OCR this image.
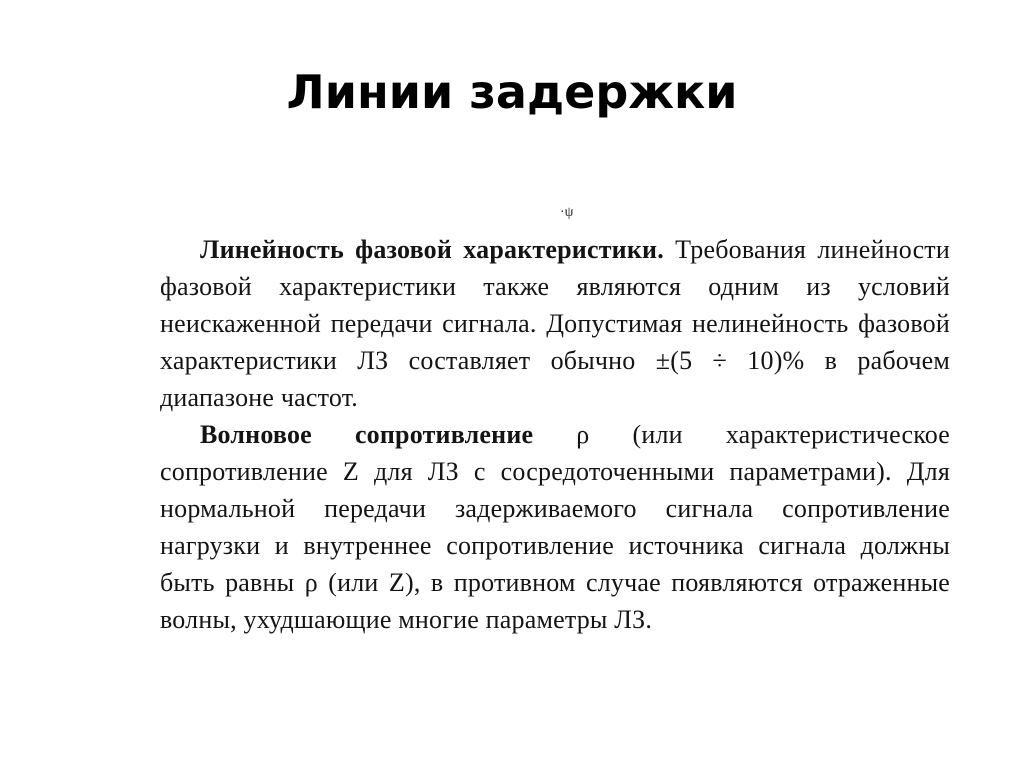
Линии задержки
·ψ
Линейность фазовой характеристики. Требования линейности фазовой характеристики также являются одним из условий неискаженной передачи сигнала. Допустимая нелинейность фазовой характеристики ЛЗ составляет обычно ±(5 ÷ 10)% в рабочем диапазоне частот.
Волновое сопротивление ρ (или характеристическое сопротивление Z для ЛЗ с сосредоточенными параметрами). Для нормальной передачи задерживаемого сигнала сопротивление нагрузки и внутреннее сопротивление источника сигнала должны быть равны ρ (или Z), в противном случае появляются отраженные волны, ухудшающие многие параметры ЛЗ.
